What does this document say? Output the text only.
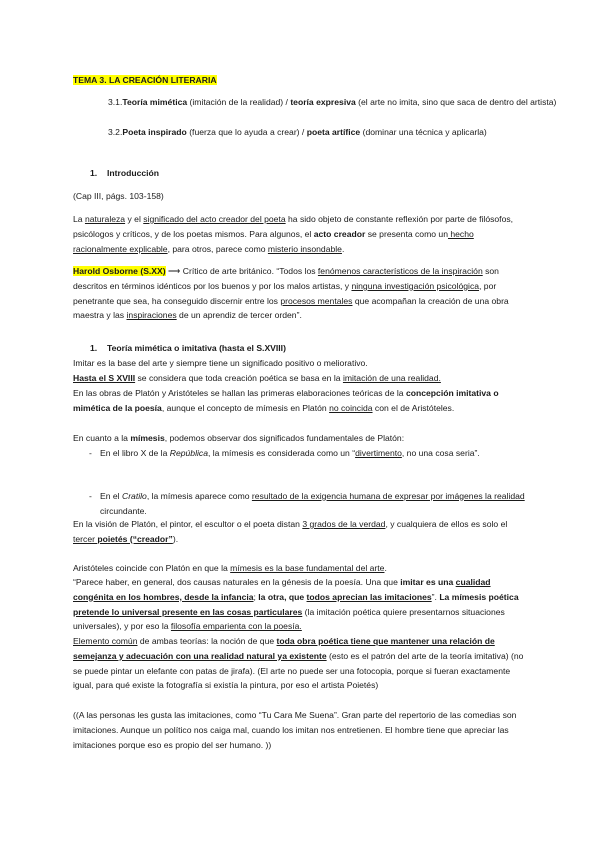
TEMA 3. LA CREACIÓN LITERARIA
3.1.Teoría mimética (imitación de la realidad) / teoría expresiva (el arte no imita, sino que saca de dentro del artista)
3.2.Poeta inspirado (fuerza que lo ayuda a crear) / poeta artífice (dominar una técnica y aplicarla)
1. Introducción
(Cap III, págs. 103-158)
La naturaleza y el significado del acto creador del poeta ha sido objeto de constante reflexión por parte de filósofos, psicólogos y críticos, y de los poetas mismos. Para algunos, el acto creador se presenta como un hecho racionalmente explicable, para otros, parece como misterio insondable.
Harold Osborne (S.XX) ⟶ Crítico de arte británico. “Todos los fenómenos característicos de la inspiración son descritos en términos idénticos por los buenos y por los malos artistas, y ninguna investigación psicológica, por penetrante que sea, ha conseguido discernir entre los procesos mentales que acompañan la creación de una obra maestra y las inspiraciones de un aprendiz de tercer orden”.
1. Teoría mimética o imitativa (hasta el S.XVIII)
Imitar es la base del arte y siempre tiene un significado positivo o meliorativo.
Hasta el S XVIII se considera que toda creación poética se basa en la imitación de una realidad.
En las obras de Platón y Aristóteles se hallan las primeras elaboraciones teóricas de la concepción imitativa o mimética de la poesía, aunque el concepto de mímesis en Platón no coincida con el de Aristóteles.
En cuanto a la mímesis, podemos observar dos significados fundamentales de Platón:
- En el libro X de la República, la mímesis es considerada como un “divertimento, no una cosa seria”.
- En el Cratilo, la mímesis aparece como resultado de la exigencia humana de expresar por imágenes la realidad circundante.
En la visión de Platón, el pintor, el escultor o el poeta distan 3 grados de la verdad, y cualquiera de ellos es solo el tercer poietés (“creador”).
Aristóteles coincide con Platón en que la mímesis es la base fundamental del arte.
“Parece haber, en general, dos causas naturales en la génesis de la poesía. Una que imitar es una cualidad congénita en los hombres, desde la infancia; la otra, que todos aprecian las imitaciones”. La mímesis poética pretende lo universal presente en las cosas particulares (la imitación poética quiere presentarnos situaciones universales), y por eso la filosofía emparienta con la poesía.
Elemento común de ambas teorías: la noción de que toda obra poética tiene que mantener una relación de semejanza y adecuación con una realidad natural ya existente (esto es el patrón del arte de la teoría imitativa) (no se puede pintar un elefante con patas de jirafa). (El arte no puede ser una fotocopia, porque si fueran exactamente igual, para qué existe la fotografía si existía la pintura, por eso el artista Poietés)
((A las personas les gusta las imitaciones, como “Tu Cara Me Suena”. Gran parte del repertorio de las comedias son imitaciones. Aunque un político nos caiga mal, cuando los imitan nos entretienen. El hombre tiene que apreciar las imitaciones porque eso es propio del ser humano. ))
